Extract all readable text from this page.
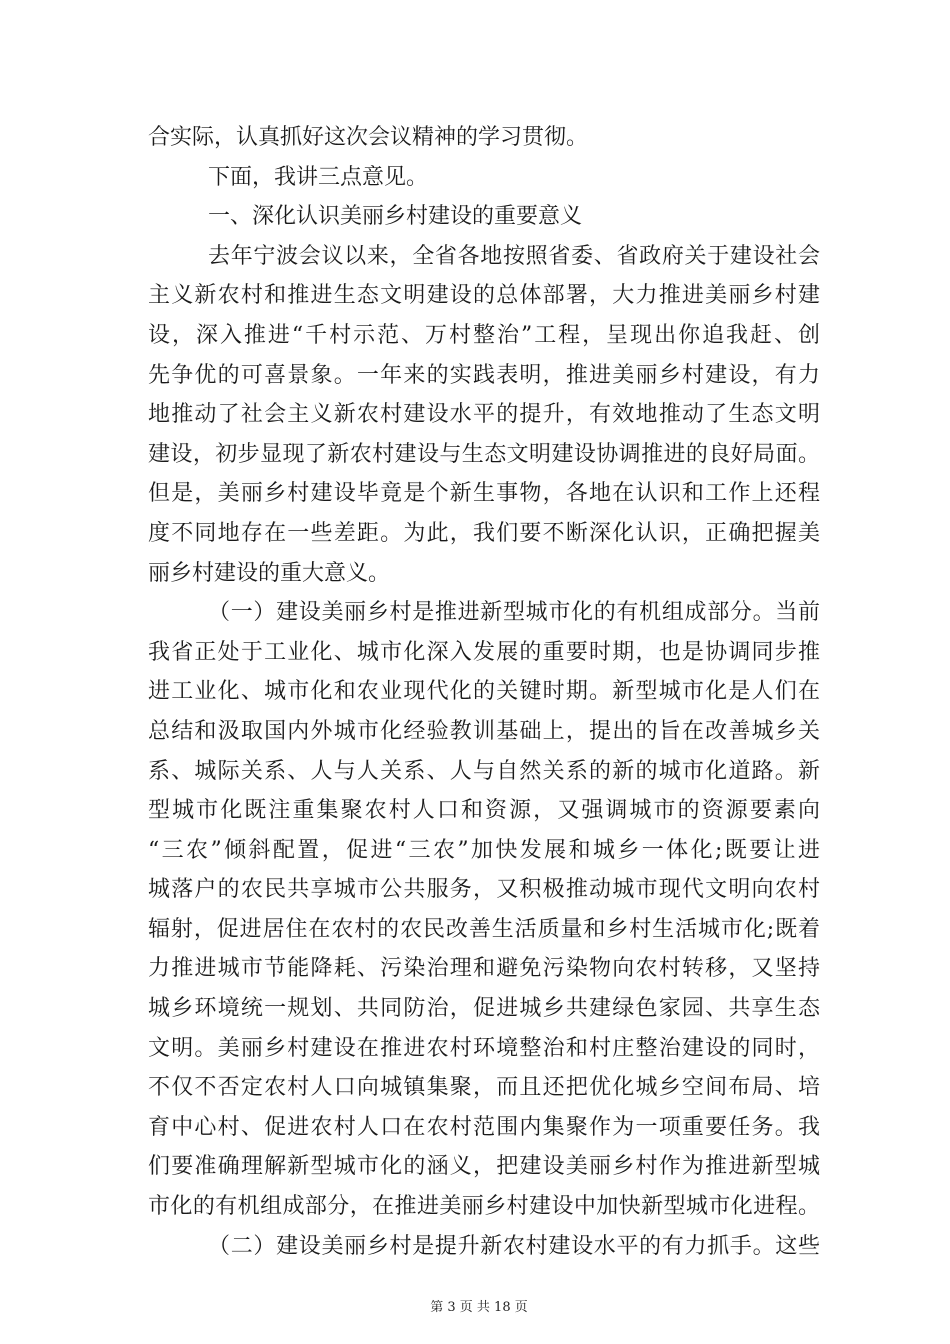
合实际，认真抓好这次会议精神的学习贯彻。
下面，我讲三点意见。
一、深化认识美丽乡村建设的重要意义
去年宁波会议以来，全省各地按照省委、省政府关于建设社会
主义新农村和推进生态文明建设的总体部署，大力推进美丽乡村建
设，深入推进“千村示范、万村整治”工程，呈现出你追我赶、创
先争优的可喜景象。一年来的实践表明，推进美丽乡村建设，有力
地推动了社会主义新农村建设水平的提升，有效地推动了生态文明
建设，初步显现了新农村建设与生态文明建设协调推进的良好局面。
但是，美丽乡村建设毕竟是个新生事物，各地在认识和工作上还程
度不同地存在一些差距。为此，我们要不断深化认识，正确把握美
丽乡村建设的重大意义。
（一）建设美丽乡村是推进新型城市化的有机组成部分。当前
我省正处于工业化、城市化深入发展的重要时期，也是协调同步推
进工业化、城市化和农业现代化的关键时期。新型城市化是人们在
总结和汲取国内外城市化经验教训基础上，提出的旨在改善城乡关
系、城际关系、人与人关系、人与自然关系的新的城市化道路。新
型城市化既注重集聚农村人口和资源，又强调城市的资源要素向
“三农”倾斜配置，促进“三农”加快发展和城乡一体化;既要让进
城落户的农民共享城市公共服务，又积极推动城市现代文明向农村
辐射，促进居住在农村的农民改善生活质量和乡村生活城市化;既着
力推进城市节能降耗、污染治理和避免污染物向农村转移，又坚持
城乡环境统一规划、共同防治，促进城乡共建绿色家园、共享生态
文明。美丽乡村建设在推进农村环境整治和村庄整治建设的同时，
不仅不否定农村人口向城镇集聚，而且还把优化城乡空间布局、培
育中心村、促进农村人口在农村范围内集聚作为一项重要任务。我
们要准确理解新型城市化的涵义，把建设美丽乡村作为推进新型城
市化的有机组成部分，在推进美丽乡村建设中加快新型城市化进程。
（二）建设美丽乡村是提升新农村建设水平的有力抓手。这些
第 3 页 共 18 页
